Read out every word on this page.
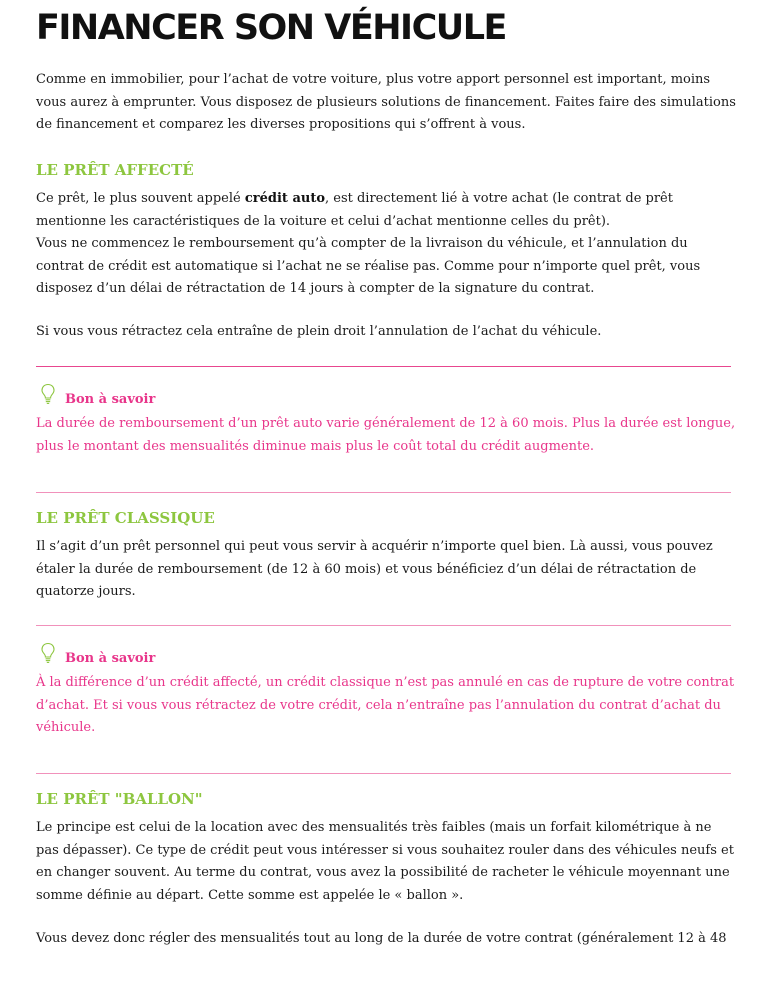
FINANCER SON VÉHICULE

Comme en immobilier, pour l’achat de votre voiture, plus votre apport personnel est important, moins vous aurez à emprunter. Vous disposez de plusieurs solutions de financement. Faites faire des simulations de financement et comparez les diverses propositions qui s’offrent à vous.

LE PRÊT AFFECTÉ

Ce prêt, le plus souvent appelé crédit auto, est directement lié à votre achat (le contrat de prêt mentionne les caractéristiques de la voiture et celui d’achat mentionne celles du prêt).

Vous ne commencez le remboursement qu’à compter de la livraison du véhicule, et l’annulation du contrat de crédit est automatique si l’achat ne se réalise pas. Comme pour n’importe quel prêt, vous disposez d’un délai de rétractation de 14 jours à compter de la signature du contrat.

Si vous vous rétractez cela entraîne de plein droit l’annulation de l’achat du véhicule.

Bon à savoir

La durée de remboursement d’un prêt auto varie généralement de 12 à 60 mois. Plus la durée est longue, plus le montant des mensualités diminue mais plus le coût total du crédit augmente.

LE PRÊT CLASSIQUE

Il s’agit d’un prêt personnel qui peut vous servir à acquérir n’importe quel bien. Là aussi, vous pouvez étaler la durée de remboursement (de 12 à 60 mois) et vous bénéficiez d’un délai de rétractation de quatorze jours.

Bon à savoir

À la différence d’un crédit affecté, un crédit classique n’est pas annulé en cas de rupture de votre contrat d’achat. Et si vous vous rétractez de votre crédit, cela n’entraîne pas l’annulation du contrat d’achat du véhicule.

LE PRÊT "BALLON"

Le principe est celui de la location avec des mensualités très faibles (mais un forfait kilométrique à ne pas dépasser). Ce type de crédit peut vous intéresser si vous souhaitez rouler dans des véhicules neufs et en changer souvent. Au terme du contrat, vous avez la possibilité de racheter le véhicule moyennant une somme définie au départ. Cette somme est appelée le « ballon ».

Vous devez donc régler des mensualités tout au long de la durée de votre contrat (généralement 12 à 48
